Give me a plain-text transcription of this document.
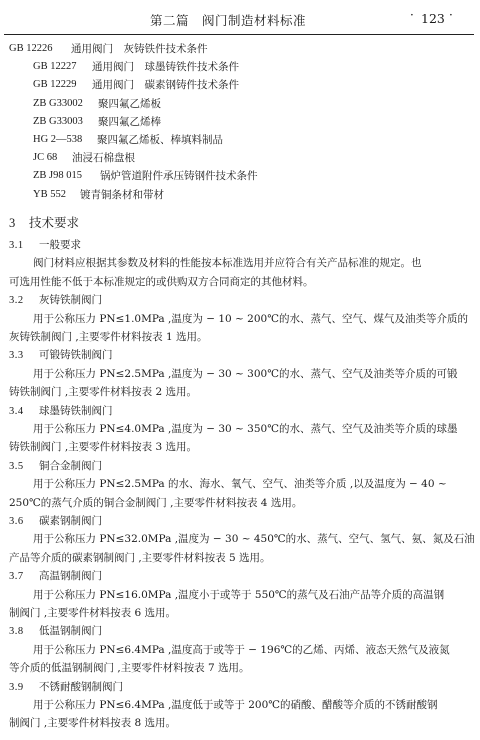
第二篇　阀门制造材料标准	· 123 ·
GB 12226 通用阀门　灰铸铁件技术条件
GB 12227 通用阀门　球墨铸铁件技术条件
GB 12229 通用阀门　碳素钢铸件技术条件
ZB G33002 聚四氟乙烯板
ZB G33003 聚四氟乙烯棒
HG 2—538 聚四氟乙烯板、棒填料制品
JC 68 油浸石棉盘根
ZB J98 015 锅炉管道附件承压铸钢件技术条件
YB 552 镀青铜条材和带材
3 技术要求
3.1 一般要求

阀门材料应根据其参数及材料的性能按本标准选用并应符合有关产品标准的规定。也
可选用性能不低于本标准规定的或供购双方合同商定的其他材料。

3.2 灰铸铁制阀门

用于公称压力 PN≤1.0MPa ,温度为 − 10 ~ 200℃的水、蒸气、空气、煤气及油类等介质的
灰铸铁制阀门 ,主要零件材料按表 1 选用。

3.3 可锻铸铁制阀门

用于公称压力 PN≤2.5MPa ,温度为 − 30 ~ 300℃的水、蒸气、空气及油类等介质的可锻
铸铁制阀门 ,主要零件材料按表 2 选用。

3.4 球墨铸铁制阀门

用于公称压力 PN≤4.0MPa ,温度为 − 30 ~ 350℃的水、蒸气、空气及油类等介质的球墨
铸铁制阀门 ,主要零件材料按表 3 选用。

3.5 铜合金制阀门

用于公称压力 PN≤2.5MPa 的水、海水、氧气、空气、油类等介质 ,以及温度为 − 40 ~
250℃的蒸气介质的铜合金制阀门 ,主要零件材料按表 4 选用。

3.6 碳素钢制阀门

用于公称压力 PN≤32.0MPa ,温度为 − 30 ~ 450℃的水、蒸气、空气、氢气、氨、氮及石油
产品等介质的碳素钢制阀门 ,主要零件材料按表 5 选用。

3.7 高温钢制阀门

用于公称压力 PN≤16.0MPa ,温度小于或等于 550℃的蒸气及石油产品等介质的高温钢
制阀门 ,主要零件材料按表 6 选用。

3.8 低温钢制阀门

用于公称压力 PN≤6.4MPa ,温度高于或等于 − 196℃的乙烯、丙烯、液态天然气及液氮
等介质的低温钢制阀门 ,主要零件材料按表 7 选用。

3.9 不锈耐酸钢制阀门

用于公称压力 PN≤6.4MPa ,温度低于或等于 200℃的硝酸、醋酸等介质的不锈耐酸钢
制阀门 ,主要零件材料按表 8 选用。
